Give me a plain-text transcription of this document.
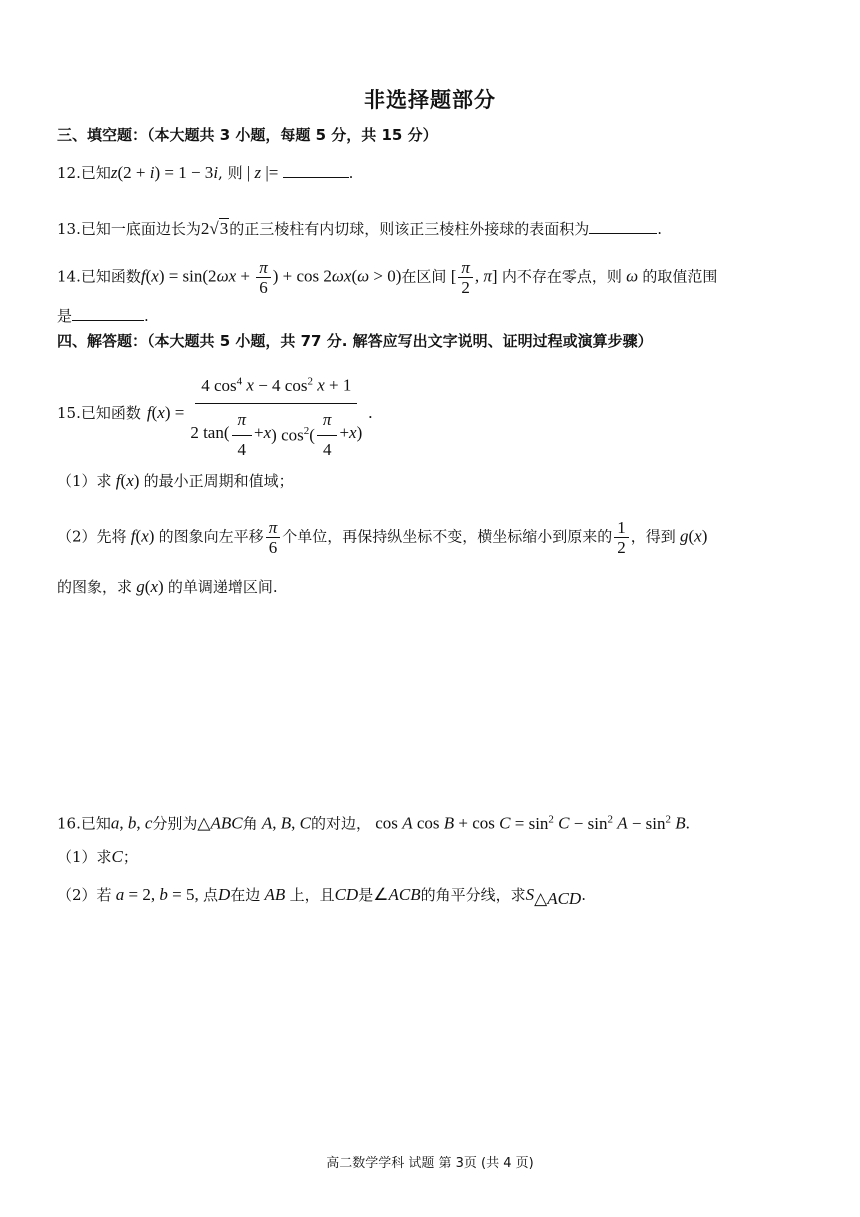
非选择题部分
三、填空题：（本大题共 3 小题，每题 5 分，共 15 分）
12.已知z(2 + i) = 1 − 3i, 则 | z |=	.
13.已知一底面边长为2√3的正三棱柱有内切球，则该正三棱柱外接球的表面积为	.
14.已知函数$f(x) = \sin(2\omega x + \frac{\pi}{6}$ ) + cos 2ωx(ω > 0)在区间 [ $\frac{\pi}{2}$ , π] 内不存在零点，则 ω 的取值范围
是	.
四、解答题：（本大题共 5 小题，共 77 分. 解答应写出文字说明、证明过程或演算步骤）
15.已知函数 f ( x ) = $\frac{4 \cos^4 x - 4 \cos^2 x + 1}{2 \tan( \frac{\pi}{4} + x ) \cos^2( \frac{\pi}{4} + x )}$ .
（1）求 f(x) 的最小正周期和值域；
（2）先将 f(x) 的图象向左平移 $\frac{\pi}{6}$ 个单位，再保持纵坐标不变，横坐标缩小到原来的 $\frac{1}{2}$ ，得到 g(x)
的图象，求 g(x) 的单调递增区间.
16.已知a, b, c分别为△ABC角 A, B, C的对边， cos A $\cos B + \cos C = \sin^2 C - \sin^2 A - \sin^2 B$.
（1）求C；
（2）若 a = 2, b = 5, 点D在边 AB 上，且CD是∠ACB的角平分线，求$S_{\triangle ACD}$.
高二数学学科 试题 第 3页 (共 4 页)
